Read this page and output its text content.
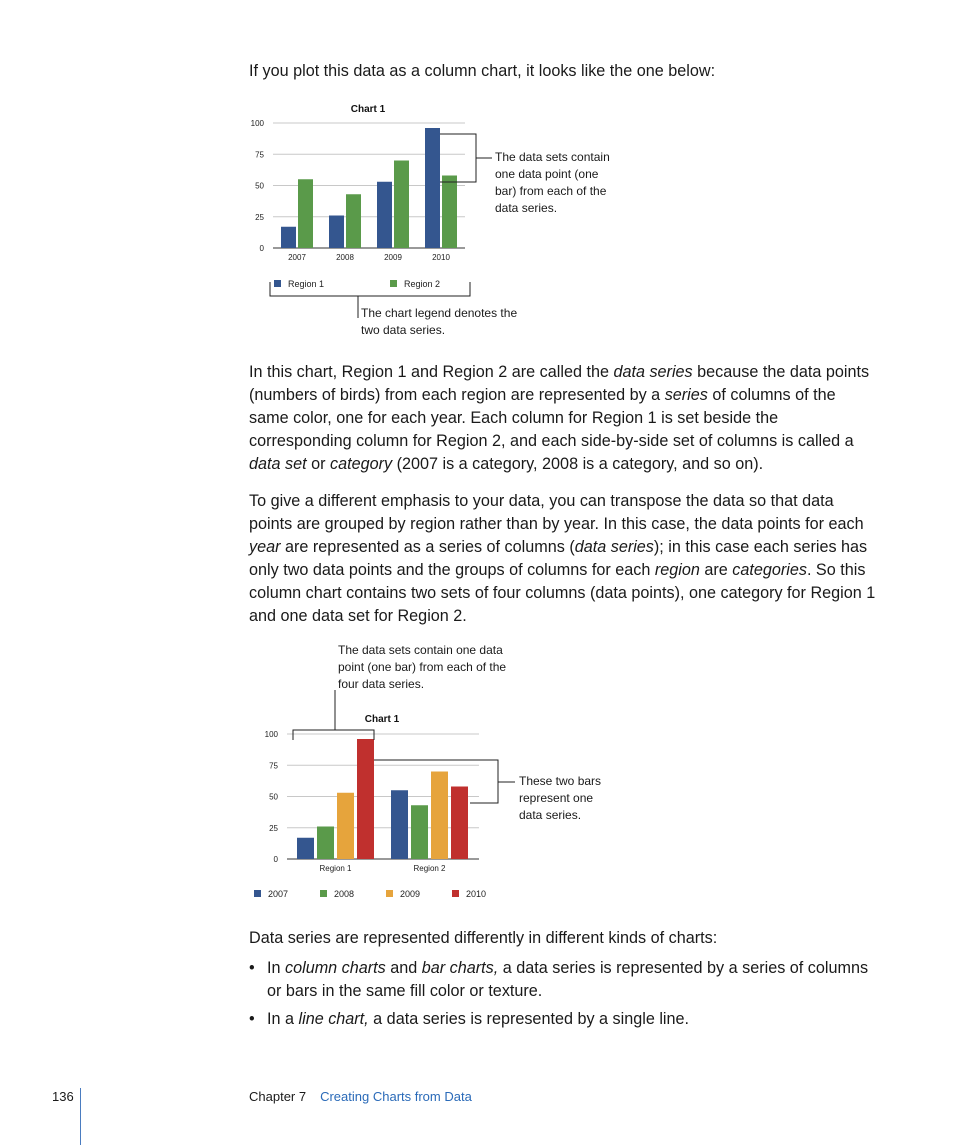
If you plot this data as a column chart, it looks like the one below:

Chart 1
0
25
50
75
100
2007	2008	2009	2010
Region 1	Region 2
The data sets contain
one data point (one
bar) from each of the
data series.
The chart legend denotes the
two data series.

In this chart, Region 1 and Region 2 are called the data series because the data points (numbers of birds) from each region are represented by a series of columns of the same color, one for each year. Each column for Region 1 is set beside the corresponding column for Region 2, and each side-by-side set of columns is called a data set or category (2007 is a category, 2008 is a category, and so on).

To give a different emphasis to your data, you can transpose the data so that data points are grouped by region rather than by year. In this case, the data points for each year are represented as a series of columns (data series); in this case each series has only two data points and the groups of columns for each region are categories. So this column chart contains two sets of four columns (data points), one category for Region 1 and one data set for Region 2.

The data sets contain one data
point (one bar) from each of the
four data series.
Chart 1
0
25
50
75
100
Region 1	Region 2
2007	2008	2009	2010
These two bars
represent one
data series.

Data series are represented differently in different kinds of charts:

• In column charts and bar charts, a data series is represented by a series of columns or bars in the same fill color or texture.
• In a line chart, a data series is represented by a single line.
136	Chapter 7 Creating Charts from Data
